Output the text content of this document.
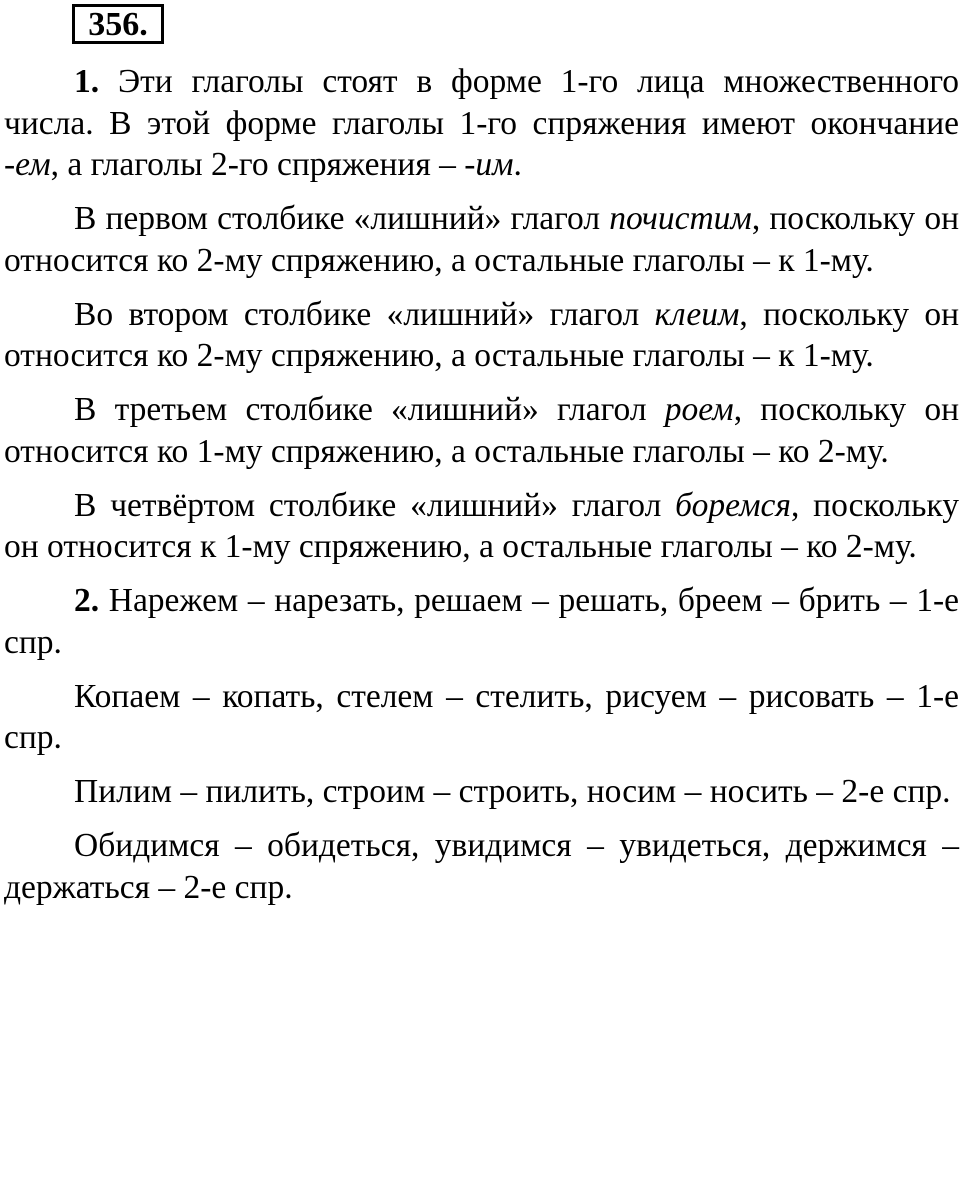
356.

1. Эти глаголы стоят в форме 1-го лица множественного числа. В этой форме глаголы 1-го спряжения имеют окончание -ем, а глаголы 2-го спряжения – -им.

В первом столбике «лишний» глагол почистим, поскольку он относится ко 2-му спряжению, а остальные глаголы – к 1-му.

Во втором столбике «лишний» глагол клеим, поскольку он относится ко 2-му спряжению, а остальные глаголы – к 1-му.

В третьем столбике «лишний» глагол роем, поскольку он относится ко 1-му спряжению, а остальные глаголы – ко 2-му.

В четвёртом столбике «лишний» глагол боремся, поскольку он относится к 1-му спряжению, а остальные глаголы – ко 2-му.

2. Нарежем – нарезать, решаем – решать, бреем – брить – 1-е спр.

Копаем – копать, стелем – стелить, рисуем – рисовать – 1-е спр.

Пилим – пилить, строим – строить, носим – носить – 2-е спр.

Обидимся – обидеться, увидимся – увидеться, держимся – держаться – 2-е спр.
